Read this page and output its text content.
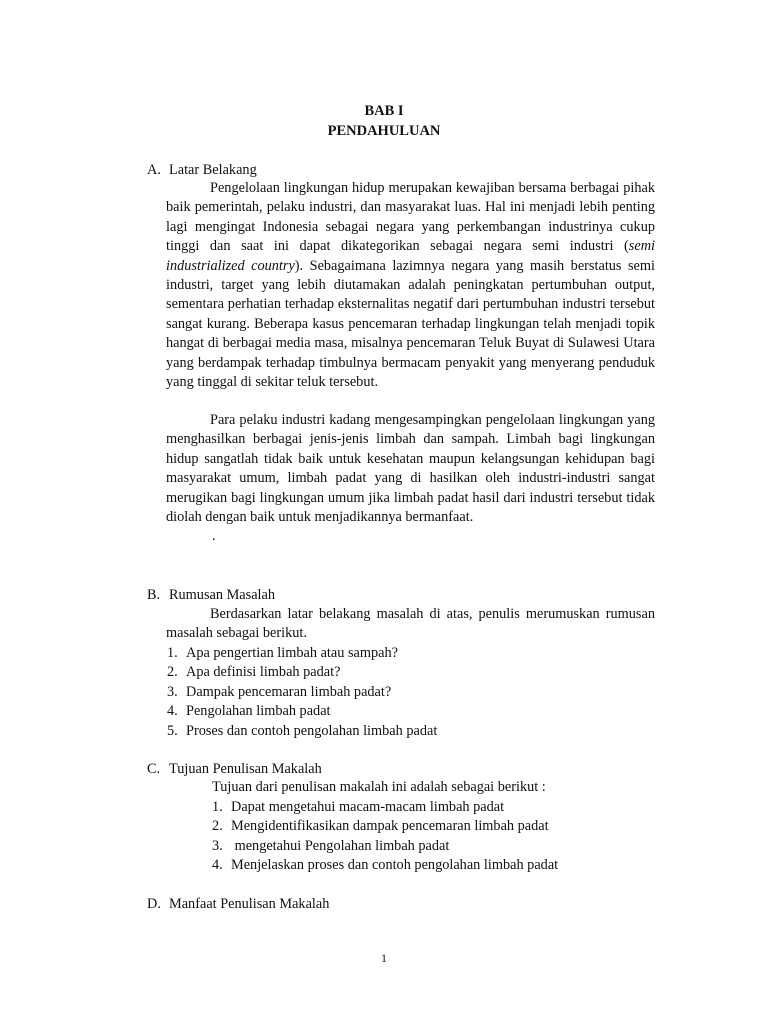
BAB I
PENDAHULUAN
A. Latar Belakang

Pengelolaan lingkungan hidup merupakan kewajiban bersama berbagai pihak baik pemerintah, pelaku industri, dan masyarakat luas. Hal ini menjadi lebih penting lagi mengingat Indonesia sebagai negara yang perkembangan industrinya cukup tinggi dan saat ini dapat dikategorikan sebagai negara semi industri (semi industrialized country). Sebagaimana lazimnya negara yang masih berstatus semi industri, target yang lebih diutamakan adalah peningkatan pertumbuhan output, sementara perhatian terhadap eksternalitas negatif dari pertumbuhan industri tersebut sangat kurang. Beberapa kasus pencemaran terhadap lingkungan telah menjadi topik hangat di berbagai media masa, misalnya pencemaran Teluk Buyat di Sulawesi Utara yang berdampak terhadap timbulnya bermacam penyakit yang menyerang penduduk yang tinggal di sekitar teluk tersebut.

Para pelaku industri kadang mengesampingkan pengelolaan lingkungan yang menghasilkan berbagai jenis-jenis limbah dan sampah. Limbah bagi lingkungan hidup sangatlah tidak baik untuk kesehatan maupun kelangsungan kehidupan bagi masyarakat umum, limbah padat yang di hasilkan oleh industri-industri sangat merugikan bagi lingkungan umum jika limbah padat hasil dari industri tersebut tidak diolah dengan baik untuk menjadikannya bermanfaat.

.
B. Rumusan Masalah

Berdasarkan latar belakang masalah di atas, penulis merumuskan rumusan masalah sebagai berikut.

1. Apa pengertian limbah atau sampah?
2. Apa definisi limbah padat?
3. Dampak pencemaran limbah padat?
4. Pengolahan limbah padat
5. Proses dan contoh pengolahan limbah padat
C. Tujuan Penulisan Makalah
Tujuan dari penulisan makalah ini adalah sebagai berikut :
1. Dapat mengetahui macam-macam limbah padat
2. Mengidentifikasikan dampak pencemaran limbah padat
3. mengetahui Pengolahan limbah padat
4. Menjelaskan proses dan contoh pengolahan limbah padat
D. Manfaat Penulisan Makalah
1
